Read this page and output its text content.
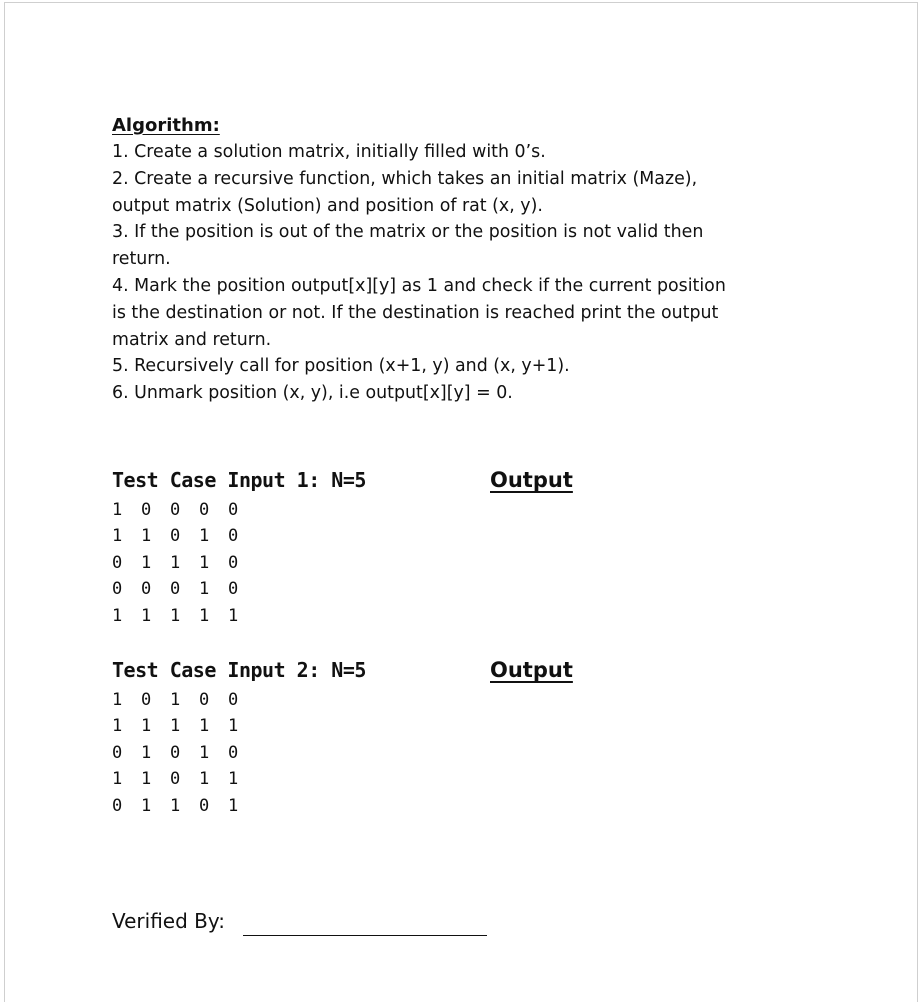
Algorithm:
1. Create a solution matrix, initially filled with 0’s.
2. Create a recursive function, which takes an initial matrix (Maze),
output matrix (Solution) and position of rat (x, y).
3. If the position is out of the matrix or the position is not valid then
return.
4. Mark the position output[x][y] as 1 and check if the current position
is the destination or not. If the destination is reached print the output
matrix and return.
5. Recursively call for position (x+1, y) and (x, y+1).
6. Unmark position (x, y), i.e output[x][y] = 0.
Test Case Input 1: N=5	Output
1	0	0	0	0
1	1	0	1	0
0	1	1	1	0
0	0	0	1	0
1	1	1	1	1
Test Case Input 2: N=5	Output
1	0	1	0	0
1	1	1	1	1
0	1	0	1	0
1	1	0	1	1
0	1	1	0	1
Verified By:
